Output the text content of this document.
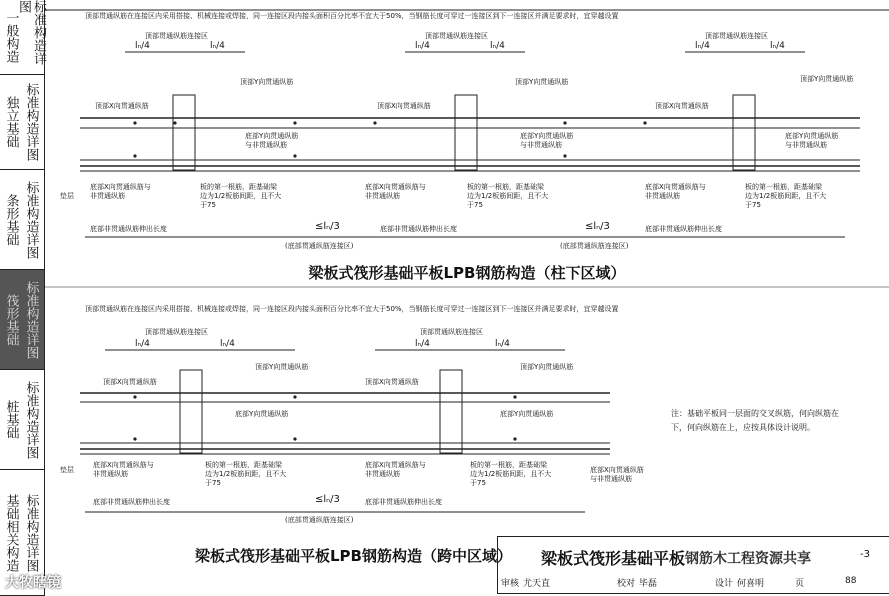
一般构造 标准构造详图
独立基础 标准构造详图
条形基础 标准构造详图
筏形基础 标准构造详图
桩基础 标准构造详图
基础相关构造 标准构造详图
顶部贯通纵筋在连接区内采用搭接、机械连接或焊接，同一连接区段内接头面积百分比率不宜大于50%，当钢筋长度可穿过一连接区到下一连接区并满足要求时，宜穿越设置
顶部贯通纵筋连接区	顶部贯通纵筋连接区	顶部贯通纵筋连接区
lₙ/4	lₙ/4	lₙ/4	lₙ/4	lₙ/4	lₙ/4
顶部Y向贯通纵筋	顶部Y向贯通纵筋	顶部Y向贯通纵筋
顶部X向贯通纵筋	顶部X向贯通纵筋	顶部X向贯通纵筋
底部Y向贯通纵筋与非贯通纵筋
底部Y向贯通纵筋与非贯通纵筋
底部Y向贯通纵筋与非贯通纵筋
垫层
底部X向贯通纵筋与非贯通纵筋
底部X向贯通纵筋与非贯通纵筋
底部X向贯通纵筋与非贯通纵筋
板的第一根筋，距基础梁边为1/2板筋间距，且不大于75
板的第一根筋，距基础梁边为1/2板筋间距，且不大于75
板的第一根筋，距基础梁边为1/2板筋间距，且不大于75
底部非贯通纵筋伸出长度	底部非贯通纵筋伸出长度	底部非贯通纵筋伸出长度
≤lₙ/3	≤lₙ/3
(底部贯通纵筋连接区)	(底部贯通纵筋连接区)
梁板式筏形基础平板LPB钢筋构造（柱下区域）
顶部贯通纵筋在连接区内采用搭接、机械连接或焊接，同一连接区段内接头面积百分比率不宜大于50%，当钢筋长度可穿过一连接区到下一连接区并满足要求时，宜穿越设置
顶部贯通纵筋连接区	顶部贯通纵筋连接区
lₙ/4	lₙ/4	lₙ/4	lₙ/4
顶部Y向贯通纵筋	顶部Y向贯通纵筋
顶部X向贯通纵筋	顶部X向贯通纵筋
底部Y向贯通纵筋	底部Y向贯通纵筋
垫层
底部X向贯通纵筋与非贯通纵筋
底部X向贯通纵筋与非贯通纵筋	底部X向贯通纵筋与非贯通纵筋
板的第一根筋，距基础梁边为1/2板筋间距，且不大于75
板的第一根筋，距基础梁边为1/2板筋间距，且不大于75
底部非贯通纵筋伸出长度	底部非贯通纵筋伸出长度
≤lₙ/3
(底部贯通纵筋连接区)
梁板式筏形基础平板LPB钢筋构造（跨中区域）
注：基础平板同一层面的交叉纵筋，何向纵筋在下，何向纵筋在上，应按具体设计说明。
梁板式筏形基础平板	-3
审核 尤天直	校对 毕磊	设计 何喜明	页	88
大牧瞎镜
钢筋木工程资源共享
